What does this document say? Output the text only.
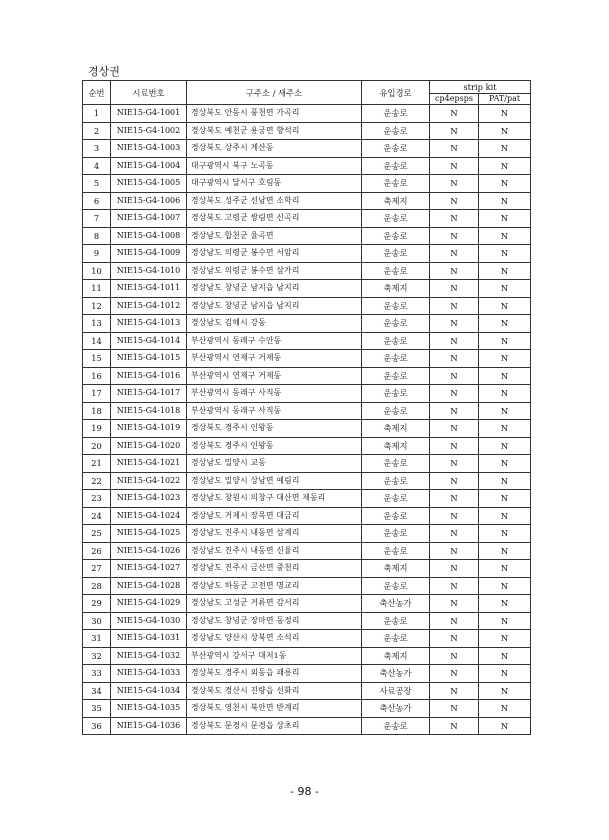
경상권
순번	시료번호	구주소 / 새주소	유입경로	strip kit	
				cp4epsps	PAT/pat
1	NIE15-G4-1001	경상북도 안동시 풍천면 가곡리	운송로	N	N
2	NIE15-G4-1002	경상북도 예천군 용궁면 향석리	운송로	N	N
3	NIE15-G4-1003	경상북도 상주시 계산동	운송로	N	N
4	NIE15-G4-1004	대구광역시 북구 노곡동	운송로	N	N
5	NIE15-G4-1005	대구광역시 달서구 호림동	운송로	N	N
6	NIE15-G4-1006	경상북도 성주군 선남면 소학리	축제지	N	N
7	NIE15-G4-1007	경상북도 고령군 쌍림면 신곡리	운송로	N	N
8	NIE15-G4-1008	경상남도 합천군 율곡면	운송로	N	N
9	NIE15-G4-1009	경상남도 의령군 봉수면 서암리	운송로	N	N
10	NIE15-G4-1010	경상남도 의령군 봉수면 삼가리	운송로	N	N
11	NIE15-G4-1011	경상남도 창녕군 남지읍 남지리	축제지	N	N
12	NIE15-G4-1012	경상남도 창녕군 남지읍 남지리	운송로	N	N
13	NIE15-G4-1013	경상남도 김해시 강동	운송로	N	N
14	NIE15-G4-1014	부산광역시 동래구 수안동	운송로	N	N
15	NIE15-G4-1015	부산광역시 연제구 거제동	운송로	N	N
16	NIE15-G4-1016	부산광역시 연제구 거제동	운송로	N	N
17	NIE15-G4-1017	부산광역시 동래구 사직동	운송로	N	N
18	NIE15-G4-1018	부산광역시 동래구 사직동	운송로	N	N
19	NIE15-G4-1019	경상북도 경주시 인왕동	축제지	N	N
20	NIE15-G4-1020	경상북도 경주시 인왕동	축제지	N	N
21	NIE15-G4-1021	경상남도 밀양시 교동	운송로	N	N
22	NIE15-G4-1022	경상남도 밀양시 상남면 예림리	운송로	N	N
23	NIE15-G4-1023	경상남도 창원시 의창구 대산면 제동리	운송로	N	N
24	NIE15-G4-1024	경상남도 거제시 장목면 대금리	운송로	N	N
25	NIE15-G4-1025	경상남도 진주시 내동면 삼계리	운송로	N	N
26	NIE15-G4-1026	경상남도 진주시 내동면 신율리	운송로	N	N
27	NIE15-G4-1027	경상남도 진주시 금산면 중천리	축제지	N	N
28	NIE15-G4-1028	경상남도 하동군 고전면 명교리	운송로	N	N
29	NIE15-G4-1029	경상남도 고성군 거류면 감서리	축산농가	N	N
30	NIE15-G4-1030	경상남도 창녕군 장마면 동정리	운송로	N	N
31	NIE15-G4-1031	경상남도 양산시 상북면 소석리	운송로	N	N
32	NIE15-G4-1032	부산광역시 강서구 대저1동	축제지	N	N
33	NIE15-G4-1033	경상북도 경주시 외동읍 괘릉리	축산농가	N	N
34	NIE15-G4-1034	경상북도 경산시 진량읍 선화리	사료공장	N	N
35	NIE15-G4-1035	경상북도 영천시 북안면 반계리	축산농가	N	N
36	NIE15-G4-1036	경상북도 문경시 문경읍 상초리	운송로	N	N
- 98 -
